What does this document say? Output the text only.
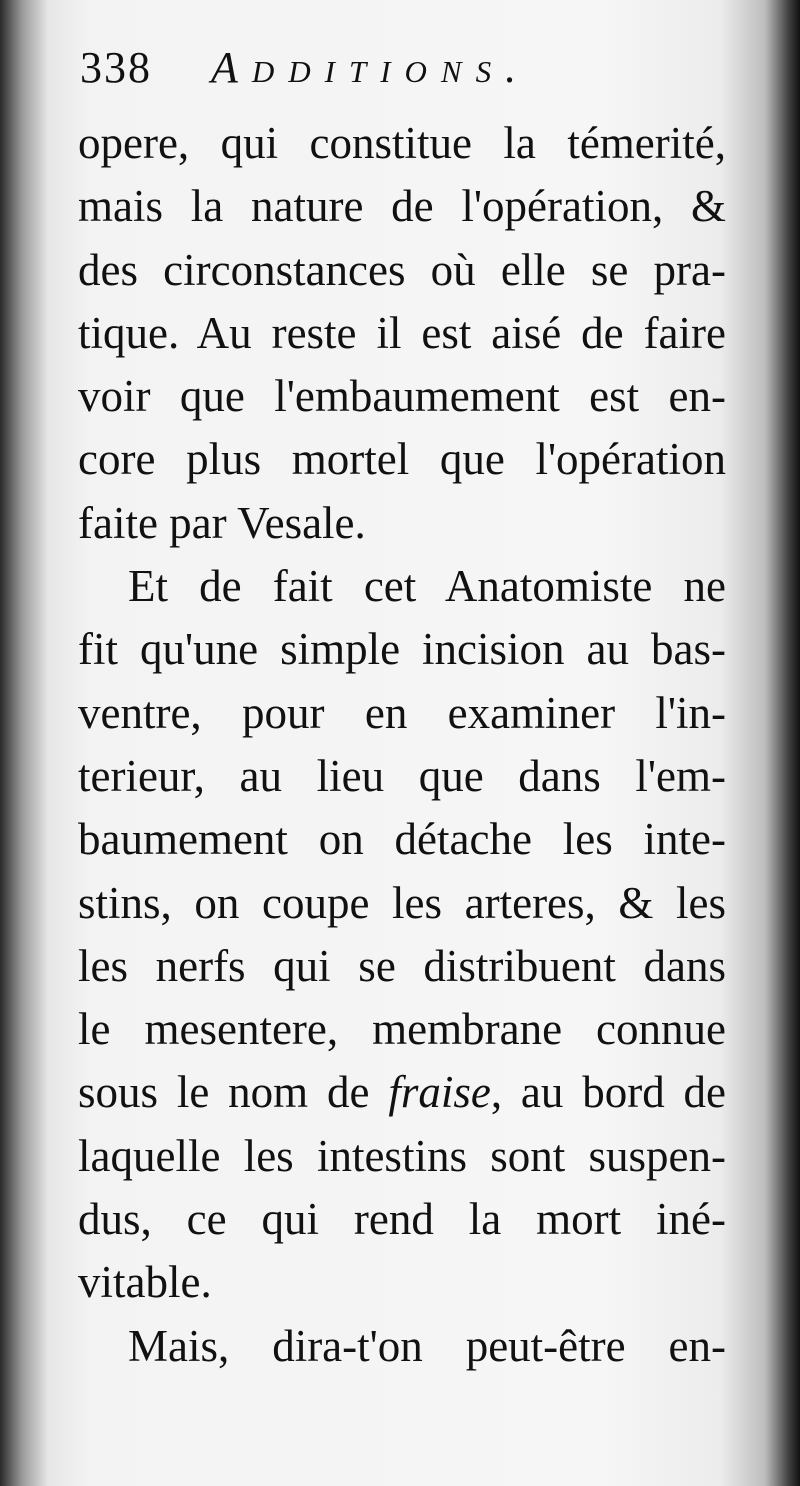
338 Additions.
opere, qui constitue la témerité,
mais la nature de l'opération, &
des circonstances où elle se pra-
tique. Au reste il est aisé de faire
voir que l'embaumement est en-
core plus mortel que l'opération
faite par Vesale.
Et de fait cet Anatomiste ne
fit qu'une simple incision au bas-
ventre, pour en examiner l'in-
terieur, au lieu que dans l'em-
baumement on détache les inte-
stins, on coupe les arteres, & les
les nerfs qui se distribuent dans
le mesentere, membrane connue
sous le nom de fraise, au bord de
laquelle les intestins sont suspen-
dus, ce qui rend la mort iné-
vitable.
Mais, dira-t'on peut-être en-
